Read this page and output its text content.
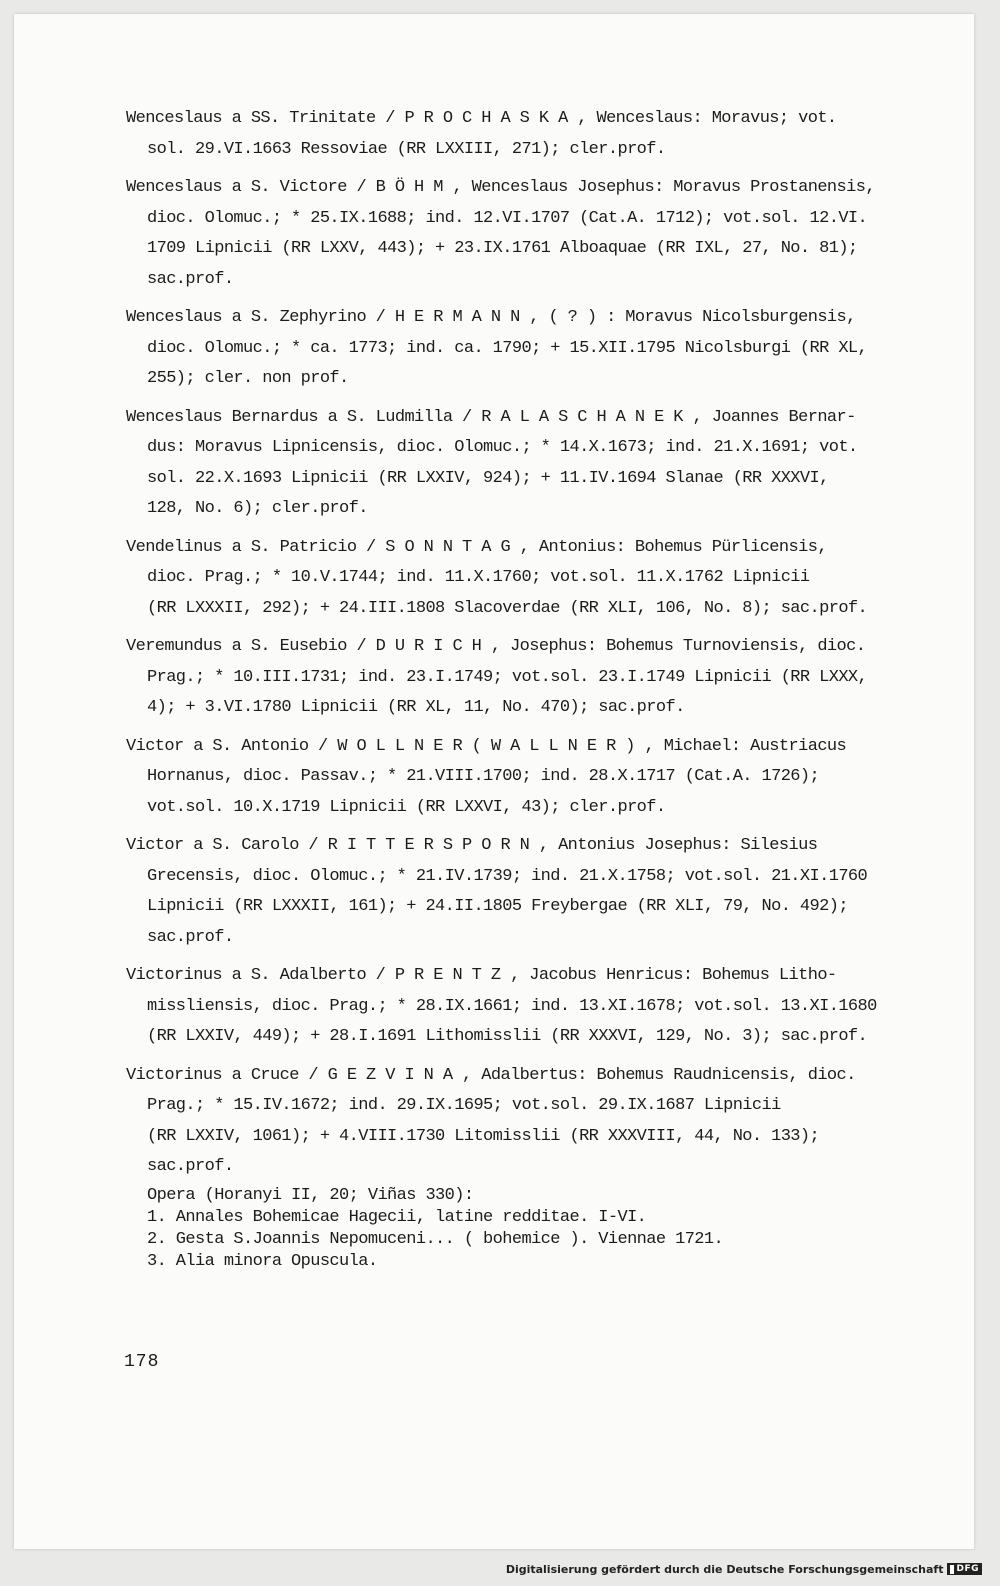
Wenceslaus a SS. Trinitate / P R O C H A S K A , Wenceslaus: Moravus; vot.
sol. 29.VI.1663 Ressoviae (RR LXXIII, 271); cler.prof.
Wenceslaus a S. Victore / B Ö H M , Wenceslaus Josephus: Moravus Prostanensis,
dioc. Olomuc.; * 25.IX.1688; ind. 12.VI.1707 (Cat.A. 1712); vot.sol. 12.VI.
1709 Lipnicii (RR LXXV, 443); + 23.IX.1761 Alboaquae (RR IXL, 27, No. 81);
sac.prof.
Wenceslaus a S. Zephyrino / H E R M A N N , ( ? ) : Moravus Nicolsburgensis,
dioc. Olomuc.; * ca. 1773; ind. ca. 1790; + 15.XII.1795 Nicolsburgi (RR XL,
255); cler. non prof.
Wenceslaus Bernardus a S. Ludmilla / R A L A S C H A N E K , Joannes Bernar-
dus: Moravus Lipnicensis, dioc. Olomuc.; * 14.X.1673; ind. 21.X.1691; vot.
sol. 22.X.1693 Lipnicii (RR LXXIV, 924); + 11.IV.1694 Slanae (RR XXXVI,
128, No. 6); cler.prof.
Vendelinus a S. Patricio / S O N N T A G , Antonius: Bohemus Pürlicensis,
dioc. Prag.; * 10.V.1744; ind. 11.X.1760; vot.sol. 11.X.1762 Lipnicii
(RR LXXXII, 292); + 24.III.1808 Slacoverdae (RR XLI, 106, No. 8); sac.prof.
Veremundus a S. Eusebio / D U R I C H , Josephus: Bohemus Turnoviensis, dioc.
Prag.; * 10.III.1731; ind. 23.I.1749; vot.sol. 23.I.1749 Lipnicii (RR LXXX,
4); + 3.VI.1780 Lipnicii (RR XL, 11, No. 470); sac.prof.
Victor a S. Antonio / W O L L N E R ( W A L L N E R ) , Michael: Austriacus
Hornanus, dioc. Passav.; * 21.VIII.1700; ind. 28.X.1717 (Cat.A. 1726);
vot.sol. 10.X.1719 Lipnicii (RR LXXVI, 43); cler.prof.
Victor a S. Carolo / R I T T E R S P O R N , Antonius Josephus: Silesius
Grecensis, dioc. Olomuc.; * 21.IV.1739; ind. 21.X.1758; vot.sol. 21.XI.1760
Lipnicii (RR LXXXII, 161); + 24.II.1805 Freybergae (RR XLI, 79, No. 492);
sac.prof.
Victorinus a S. Adalberto / P R E N T Z , Jacobus Henricus: Bohemus Litho-
missliensis, dioc. Prag.; * 28.IX.1661; ind. 13.XI.1678; vot.sol. 13.XI.1680
(RR LXXIV, 449); + 28.I.1691 Lithomisslii (RR XXXVI, 129, No. 3); sac.prof.
Victorinus a Cruce / G E Z V I N A , Adalbertus: Bohemus Raudnicensis, dioc.
Prag.; * 15.IV.1672; ind. 29.IX.1695; vot.sol. 29.IX.1687 Lipnicii
(RR LXXIV, 1061); + 4.VIII.1730 Litomisslii (RR XXXVIII, 44, No. 133);
sac.prof.
Opera (Horanyi II, 20; Viñas 330):
1. Annales Bohemicae Hagecii, latine redditae. I-VI.
2. Gesta S.Joannis Nepomuceni... ( bohemice ). Viennae 1721.
3. Alia minora Opuscula.
178
Digitalisierung gefördert durch die Deutsche Forschungsgemeinschaft	DFG
